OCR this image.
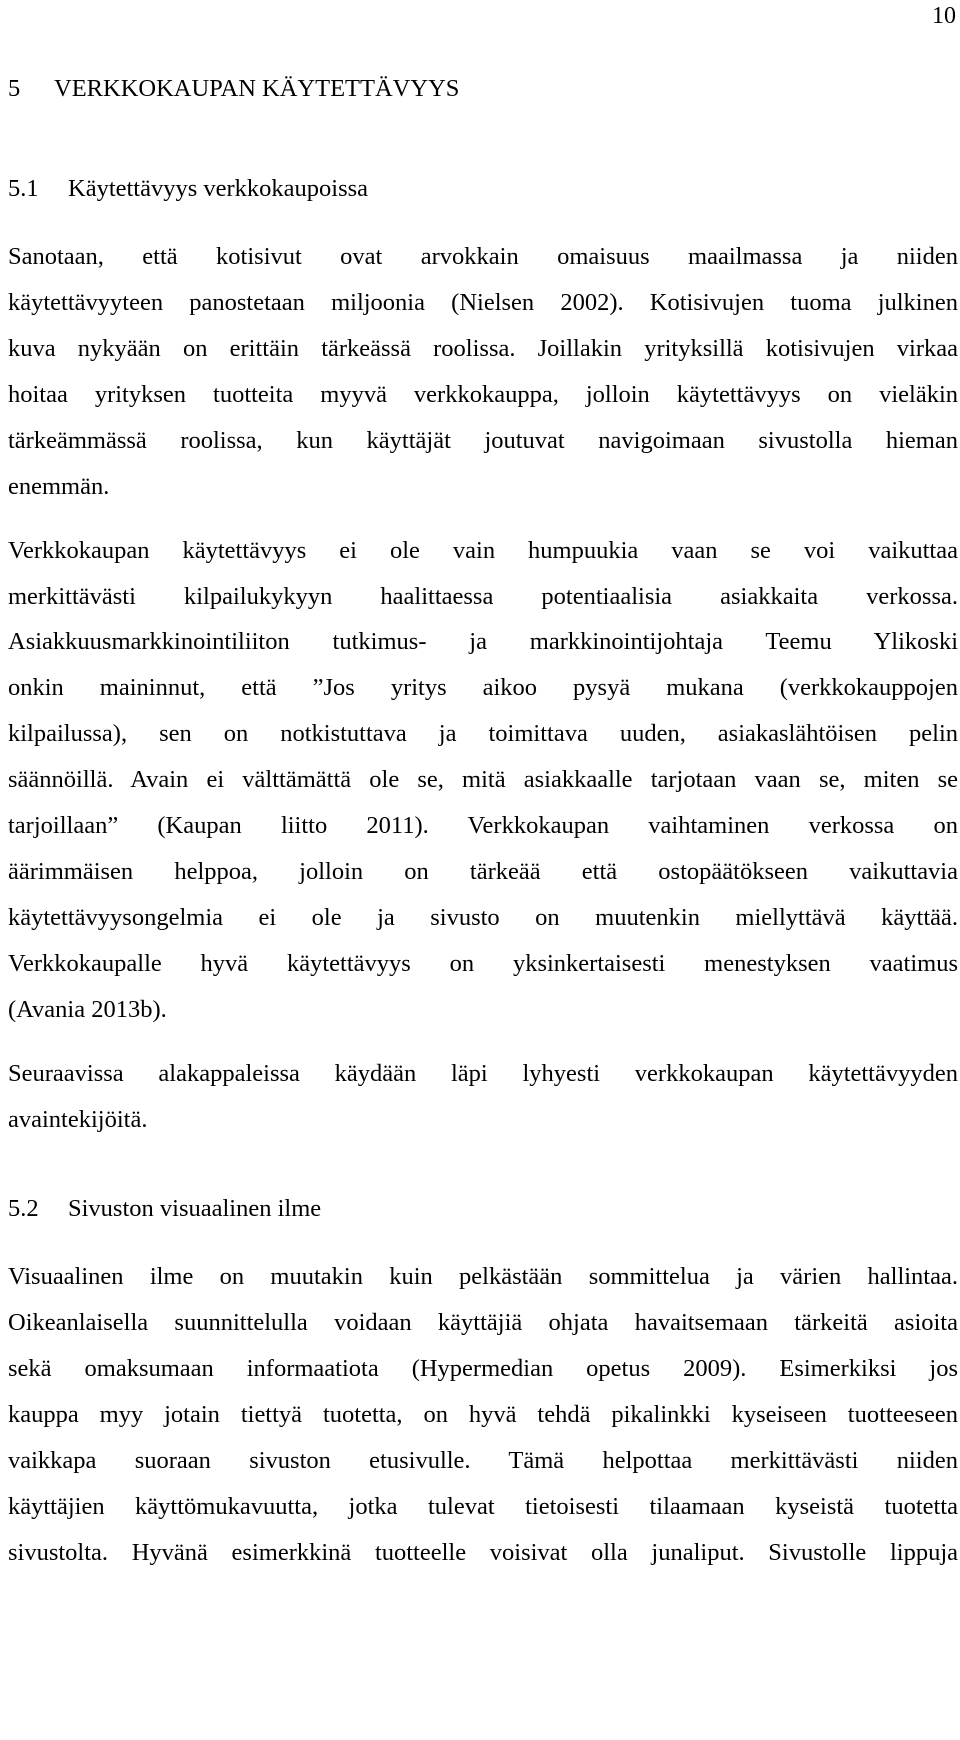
10
5 VERKKOKAUPAN KÄYTETTÄVYYS
5.1 Käytettävyys verkkokaupoissa
Sanotaan, että kotisivut ovat arvokkain omaisuus maailmassa ja niiden
käytettävyyteen panostetaan miljoonia (Nielsen 2002). Kotisivujen tuoma julkinen
kuva nykyään on erittäin tärkeässä roolissa. Joillakin yrityksillä kotisivujen virkaa
hoitaa yrityksen tuotteita myyvä verkkokauppa, jolloin käytettävyys on vieläkin
tärkeämmässä roolissa, kun käyttäjät joutuvat navigoimaan sivustolla hieman
enemmän.
Verkkokaupan käytettävyys ei ole vain humpuukia vaan se voi vaikuttaa
merkittävästi kilpailukykyyn haalittaessa potentiaalisia asiakkaita verkossa.
Asiakkuusmarkkinointiliiton tutkimus- ja markkinointijohtaja Teemu Ylikoski
onkin maininnut, että ”Jos yritys aikoo pysyä mukana (verkkokauppojen
kilpailussa), sen on notkistuttava ja toimittava uuden, asiakaslähtöisen pelin
säännöillä. Avain ei välttämättä ole se, mitä asiakkaalle tarjotaan vaan se, miten se
tarjoillaan” (Kaupan liitto 2011). Verkkokaupan vaihtaminen verkossa on
äärimmäisen helppoa, jolloin on tärkeää että ostopäätökseen vaikuttavia
käytettävyysongelmia ei ole ja sivusto on muutenkin miellyttävä käyttää.
Verkkokaupalle hyvä käytettävyys on yksinkertaisesti menestyksen vaatimus
(Avania 2013b).
Seuraavissa alakappaleissa käydään läpi lyhyesti verkkokaupan käytettävyyden
avaintekijöitä.
5.2 Sivuston visuaalinen ilme
Visuaalinen ilme on muutakin kuin pelkästään sommittelua ja värien hallintaa.
Oikeanlaisella suunnittelulla voidaan käyttäjiä ohjata havaitsemaan tärkeitä asioita
sekä omaksumaan informaatiota (Hypermedian opetus 2009). Esimerkiksi jos
kauppa myy jotain tiettyä tuotetta, on hyvä tehdä pikalinkki kyseiseen tuotteeseen
vaikkapa suoraan sivuston etusivulle. Tämä helpottaa merkittävästi niiden
käyttäjien käyttömukavuutta, jotka tulevat tietoisesti tilaamaan kyseistä tuotetta
sivustolta. Hyvänä esimerkkinä tuotteelle voisivat olla junaliput. Sivustolle lippuja
